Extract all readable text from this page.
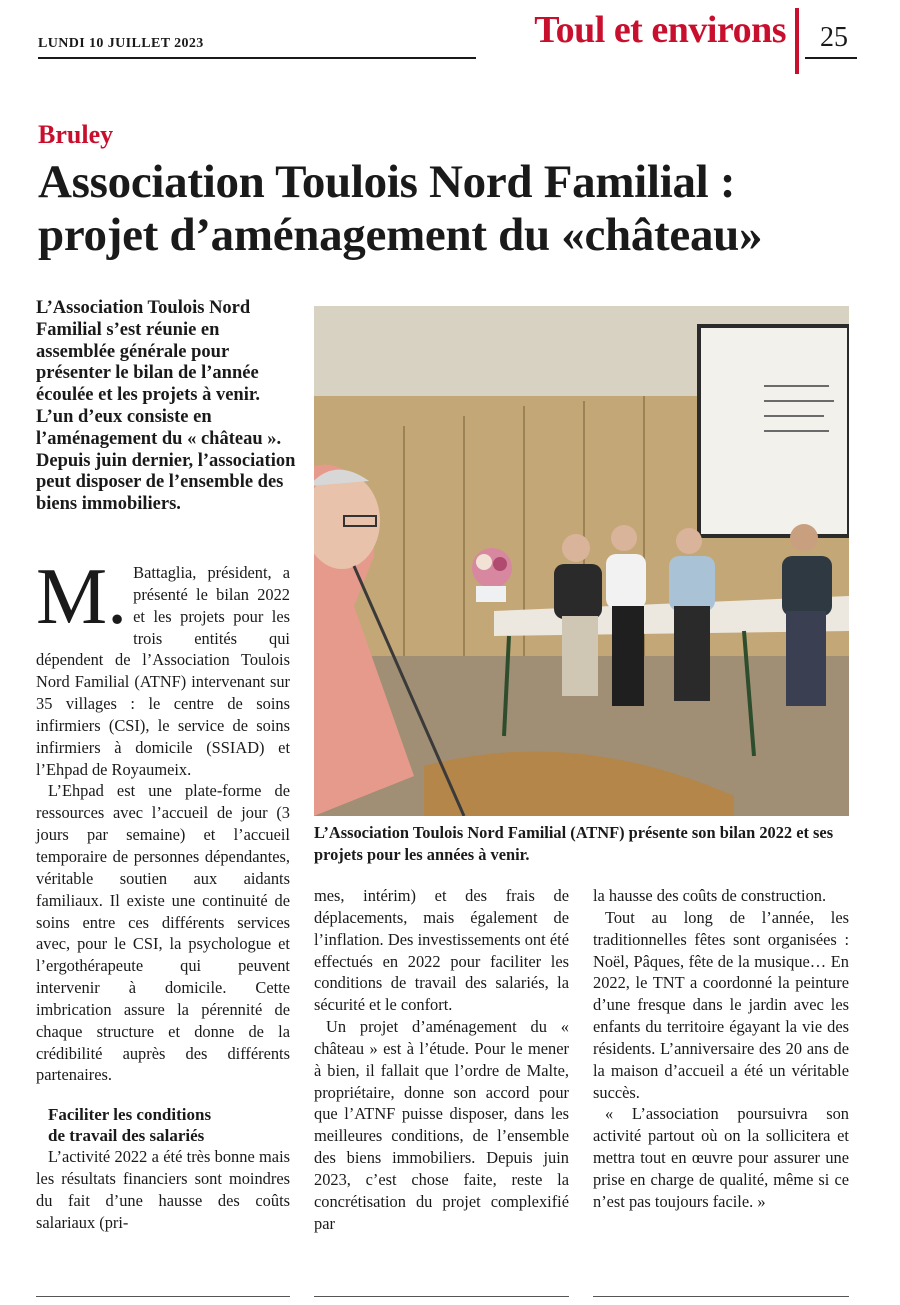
LUNDI 10 JUILLET 2023	Toul et environs 25
Bruley
Association Toulois Nord Familial :
projet d’aménagement du «château»

L’Association Toulois Nord Familial s’est réunie en assemblée générale pour présenter le bilan de l’année écoulée et les projets à venir. L’un d’eux consiste en l’aménagement du « château ». Depuis juin dernier, l’association peut disposer de l’ensemble des biens immobiliers.

M. Battaglia, président, a présenté le bilan 2022 et les projets pour les trois entités qui dépendent de l’Association Toulois Nord Familial (ATNF) intervenant sur 35 villages : le centre de soins infirmiers (CSI), le service de soins infirmiers à domicile (SSIAD) et l’Ehpad de Royaumeix.

L’Ehpad est une plate-forme de ressources avec l’accueil de jour (3 jours par semaine) et l’accueil temporaire de personnes dépendantes, véritable soutien aux aidants familiaux. Il existe une continuité de soins entre ces différents services avec, pour le CSI, la psychologue et l’ergothérapeute qui peuvent intervenir à domicile. Cette imbrication assure la pérennité de chaque structure et donne de la crédibilité auprès des différents partenaires.

Faciliter les conditions
de travail des salariés

L’activité 2022 a été très bonne mais les résultats financiers sont moindres du fait d’une hausse des coûts salariaux (pri-

L’Association Toulois Nord Familial (ATNF) présente son bilan 2022 et ses projets pour les années à venir.

mes, intérim) et des frais de déplacements, mais également de l’inflation. Des investissements ont été effectués en 2022 pour faciliter les conditions de travail des salariés, la sécurité et le confort.

Un projet d’aménagement du « château » est à l’étude. Pour le mener à bien, il fallait que l’ordre de Malte, propriétaire, donne son accord pour que l’ATNF puisse disposer, dans les meilleures conditions, de l’ensemble des biens immobiliers. Depuis juin 2023, c’est chose faite, reste la concrétisation du projet complexifié par

la hausse des coûts de construction.

Tout au long de l’année, les traditionnelles fêtes sont organisées : Noël, Pâques, fête de la musique… En 2022, le TNT a coordonné la peinture d’une fresque dans le jardin avec les enfants du territoire égayant la vie des résidents. L’anniversaire des 20 ans de la maison d’accueil a été un véritable succès.

« L’association poursuivra son activité partout où on la sollicitera et mettra tout en œuvre pour assurer une prise en charge de qualité, même si ce n’est pas toujours facile. »
